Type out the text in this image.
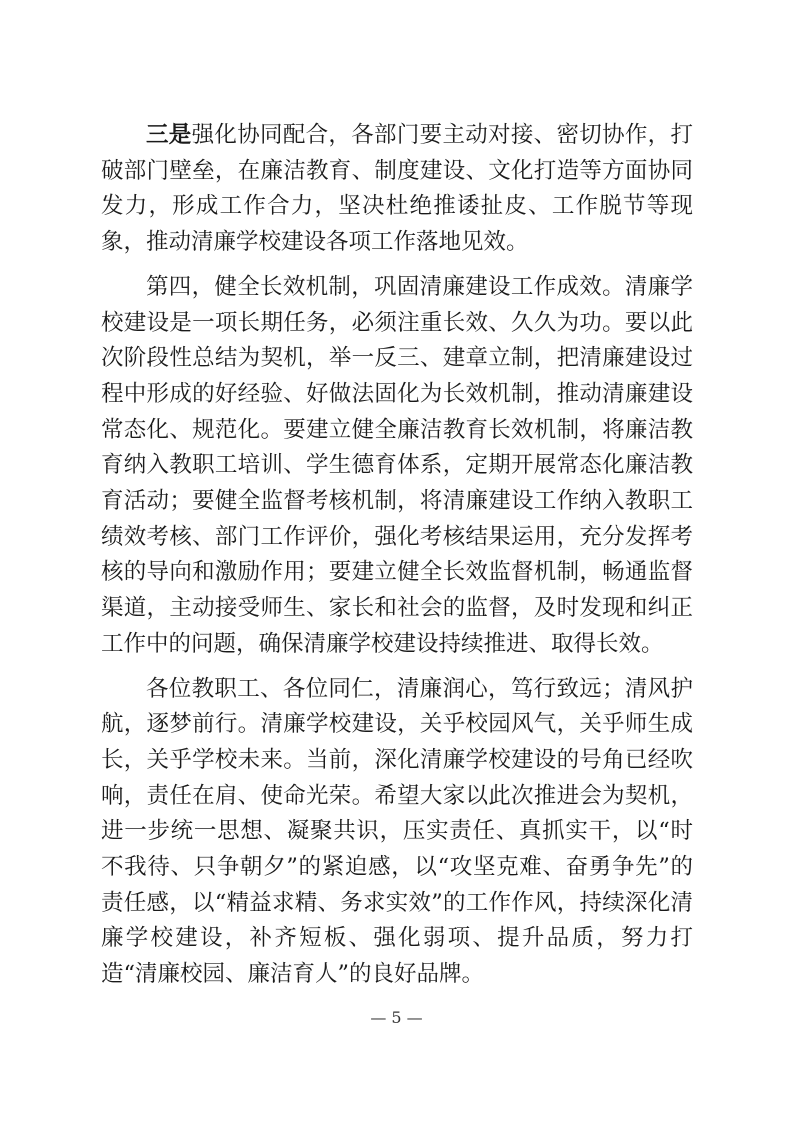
三是强化协同配合，各部门要主动对接、密切协作，打破部门壁垒，在廉洁教育、制度建设、文化打造等方面协同发力，形成工作合力，坚决杜绝推诿扯皮、工作脱节等现象，推动清廉学校建设各项工作落地见效。

第四，健全长效机制，巩固清廉建设工作成效。清廉学校建设是一项长期任务，必须注重长效、久久为功。要以此次阶段性总结为契机，举一反三、建章立制，把清廉建设过程中形成的好经验、好做法固化为长效机制，推动清廉建设常态化、规范化。要建立健全廉洁教育长效机制，将廉洁教育纳入教职工培训、学生德育体系，定期开展常态化廉洁教育活动；要健全监督考核机制，将清廉建设工作纳入教职工绩效考核、部门工作评价，强化考核结果运用，充分发挥考核的导向和激励作用；要建立健全长效监督机制，畅通监督渠道，主动接受师生、家长和社会的监督，及时发现和纠正工作中的问题，确保清廉学校建设持续推进、取得长效。

各位教职工、各位同仁，清廉润心，笃行致远；清风护航，逐梦前行。清廉学校建设，关乎校园风气，关乎师生成长，关乎学校未来。当前，深化清廉学校建设的号角已经吹响，责任在肩、使命光荣。希望大家以此次推进会为契机，进一步统一思想、凝聚共识，压实责任、真抓实干，以“时不我待、只争朝夕”的紧迫感，以“攻坚克难、奋勇争先”的责任感，以“精益求精、务求实效”的工作作风，持续深化清廉学校建设，补齐短板、强化弱项、提升品质，努力打造“清廉校园、廉洁育人”的良好品牌。

— 5 —
